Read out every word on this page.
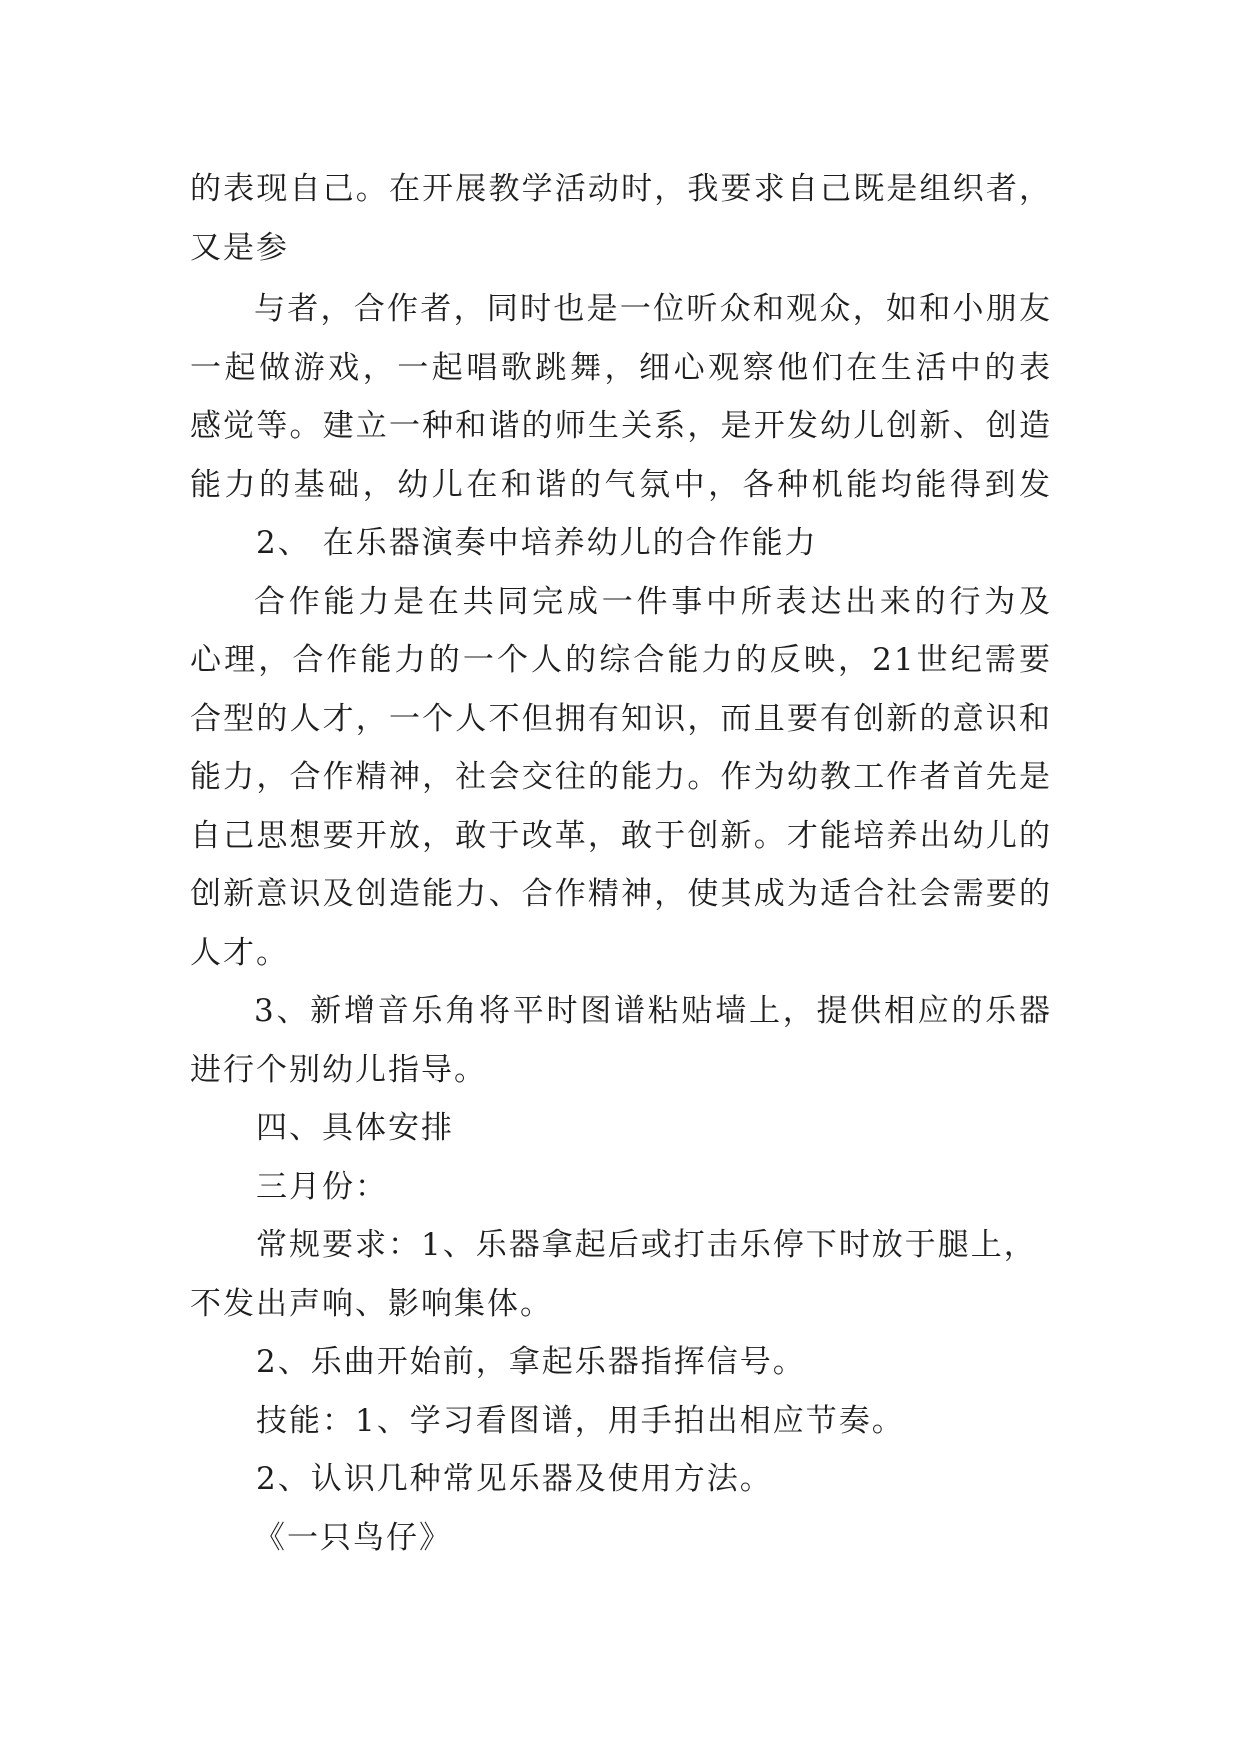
的表现自己。在开展教学活动时，我要求自己既是组织者，
又是参
与者，合作者，同时也是一位听众和观众，如和小朋友
一起做游戏，一起唱歌跳舞，细心观察他们在生活中的表
感觉等。建立一种和谐的师生关系，是开发幼儿创新、创造
能力的基础，幼儿在和谐的气氛中，各种机能均能得到发
2、 在乐器演奏中培养幼儿的合作能力
合作能力是在共同完成一件事中所表达出来的行为及
心理，合作能力的一个人的综合能力的反映，21世纪需要
合型的人才，一个人不但拥有知识，而且要有创新的意识和
能力，合作精神，社会交往的能力。作为幼教工作者首先是
自己思想要开放，敢于改革，敢于创新。才能培养出幼儿的
创新意识及创造能力、合作精神，使其成为适合社会需要的
人才。
3、新增音乐角将平时图谱粘贴墙上，提供相应的乐器
进行个别幼儿指导。
四、具体安排
三月份：
常规要求：1、乐器拿起后或打击乐停下时放于腿上，
不发出声响、影响集体。
2、乐曲开始前，拿起乐器指挥信号。
技能：1、学习看图谱，用手拍出相应节奏。
2、认识几种常见乐器及使用方法。
《一只鸟仔》
